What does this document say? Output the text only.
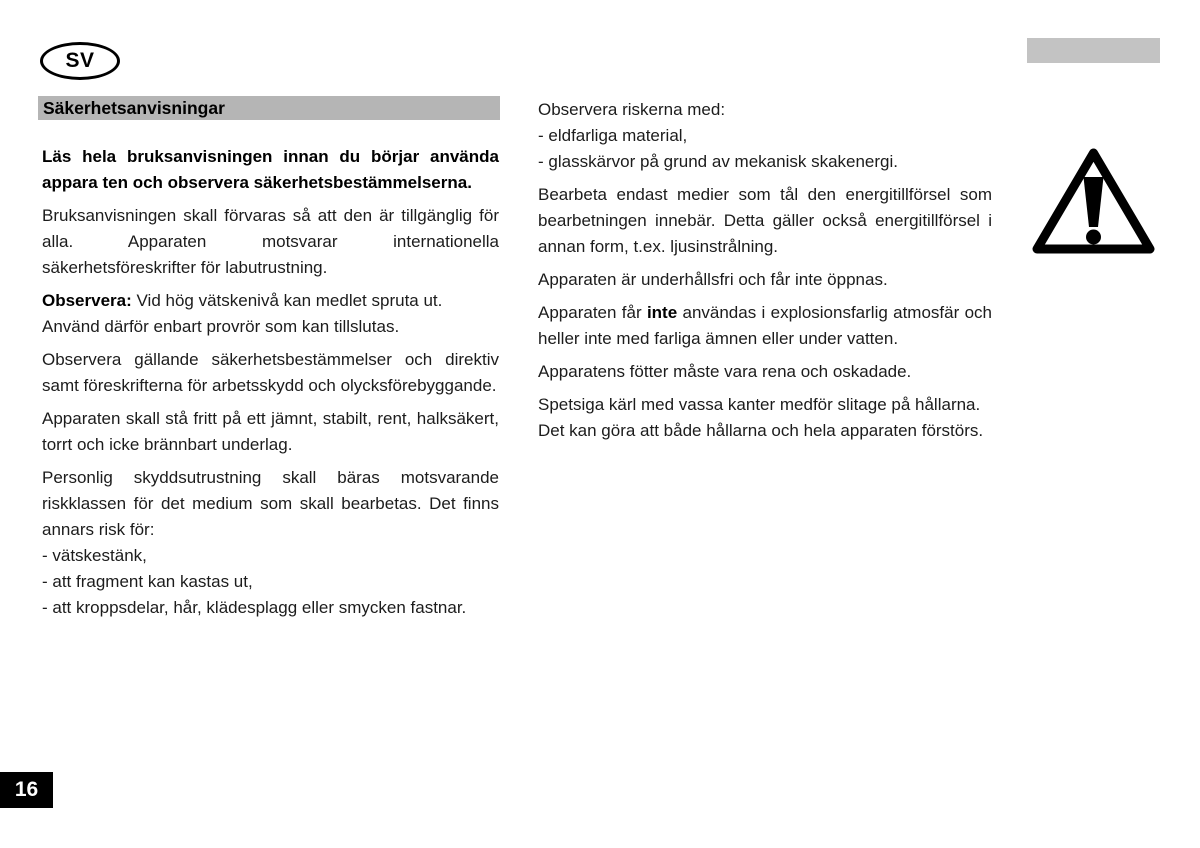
SV
Säkerhetsanvisningar

Läs hela bruksanvisningen innan du börjar använda appara ten och observera säkerhetsbestämmelserna.

Bruksanvisningen skall förvaras så att den är tillgänglig för alla. Apparaten motsvarar internationella säkerhetsföreskrifter för labutrustning.

Observera: Vid hög vätskenivå kan medlet spruta ut.
Använd därför enbart provrör som kan tillslutas.

Observera gällande säkerhetsbestämmelser och direktiv samt föreskrifterna för arbetsskydd och olycksförebyggande.

Apparaten skall stå fritt på ett jämnt, stabilt, rent, halksäkert, torrt och icke brännbart underlag.

Personlig skyddsutrustning skall bäras motsvarande riskklassen för det medium som skall bearbetas. Det finns annars risk för:
- vätskestänk,
- att fragment kan kastas ut,
- att kroppsdelar, hår, klädesplagg eller smycken fastnar.

Observera riskerna med:
- eldfarliga material,
- glasskärvor på grund av mekanisk skakenergi.

Bearbeta endast medier som tål den energitillförsel som bearbetningen innebär. Detta gäller också energitillförsel i annan form, t.ex. ljusinstrålning.

Apparaten är underhållsfri och får inte öppnas.

Apparaten får inte användas i explosionsfarlig atmosfär och heller inte med farliga ämnen eller under vatten.

Apparatens fötter måste vara rena och oskadade.

Spetsiga kärl med vassa kanter medför slitage på hållarna.
Det kan göra att både hållarna och hela apparaten förstörs.

16
